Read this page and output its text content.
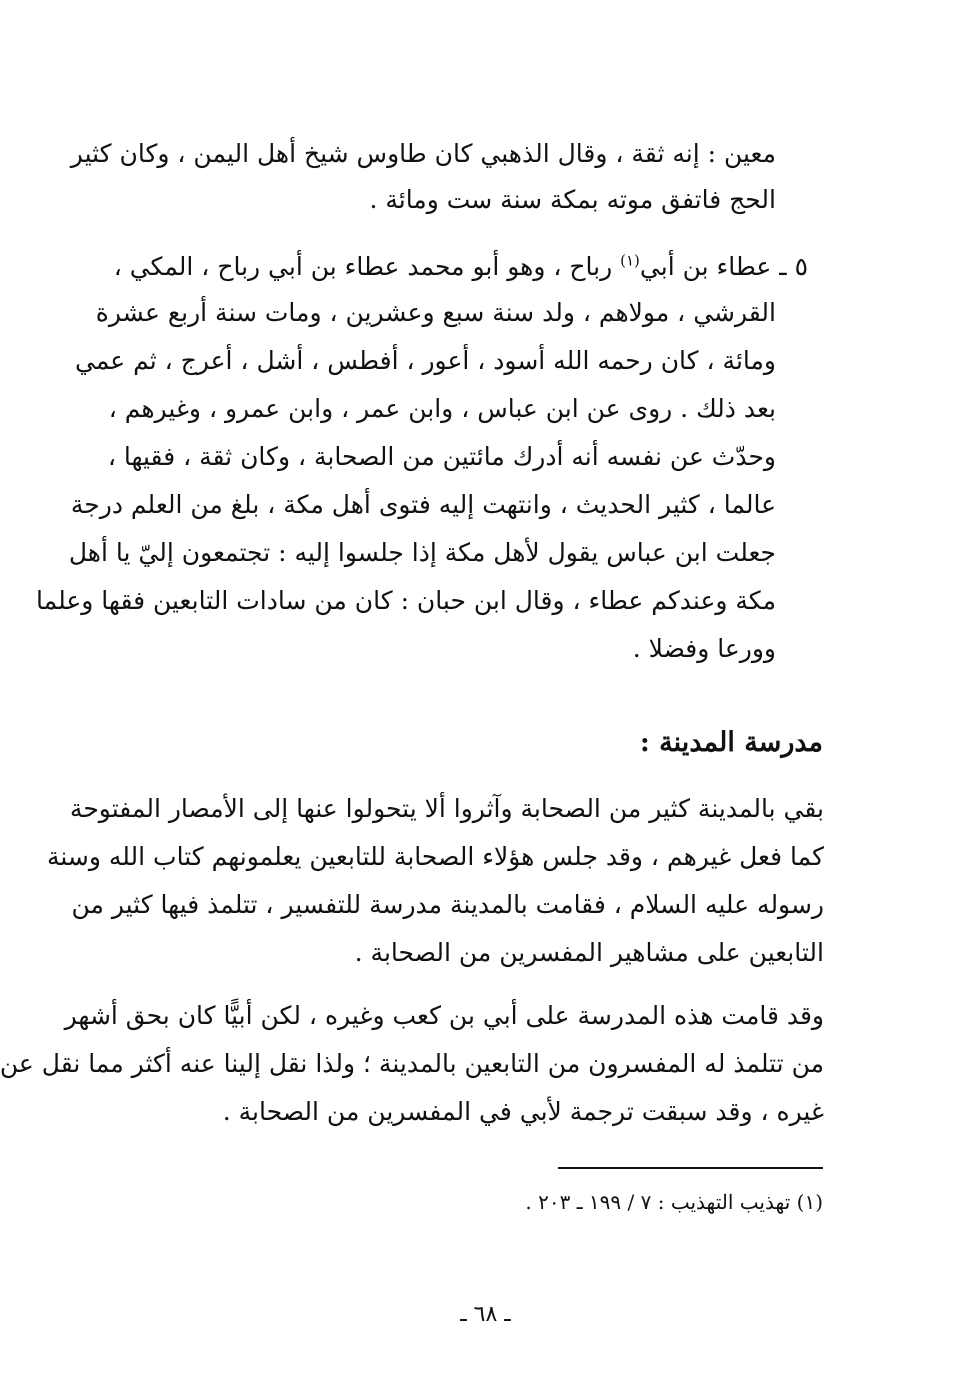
معين : إنه ثقة ، وقال الذهبي كان طاوس شيخ أهل اليمن ، وكان كثير
الحج فاتفق موته بمكة سنة ست ومائة .
٥ ـ عطاء بن أبي$^{(١)}$ رباح ، وهو أبو محمد عطاء بن أبي رباح ، المكي ،
القرشي ، مولاهم ، ولد سنة سبع وعشرين ، ومات سنة أربع عشرة
ومائة ، كان رحمه الله أسود ، أعور ، أفطس ، أشل ، أعرج ، ثم عمي
بعد ذلك . روى عن ابن عباس ، وابن عمر ، وابن عمرو ، وغيرهم ،
وحدّث عن نفسه أنه أدرك مائتين من الصحابة ، وكان ثقة ، فقيها ،
عالما ، كثير الحديث ، وانتهت إليه فتوى أهل مكة ، بلغ من العلم درجة
جعلت ابن عباس يقول لأهل مكة إذا جلسوا إليه : تجتمعون إليّ يا أهل
مكة وعندكم عطاء ، وقال ابن حبان : كان من سادات التابعين فقها وعلما
وورعا وفضلا .
مدرسة المدينة :
بقي بالمدينة كثير من الصحابة وآثروا ألا يتحولوا عنها إلى الأمصار المفتوحة
كما فعل غيرهم ، وقد جلس هؤلاء الصحابة للتابعين يعلمونهم كتاب الله وسنة
رسوله عليه السلام ، فقامت بالمدينة مدرسة للتفسير ، تتلمذ فيها كثير من
التابعين على مشاهير المفسرين من الصحابة .
وقد قامت هذه المدرسة على أبي بن كعب وغيره ، لكن أبيًّا كان بحق أشهر
من تتلمذ له المفسرون من التابعين بالمدينة ؛ ولذا نقل إلينا عنه أكثر مما نقل عن
غيره ، وقد سبقت ترجمة لأبي في المفسرين من الصحابة .
(١) تهذيب التهذيب : ٧ / ١٩٩ ـ ٢٠٣ .
ـ ٦٨ ـ
